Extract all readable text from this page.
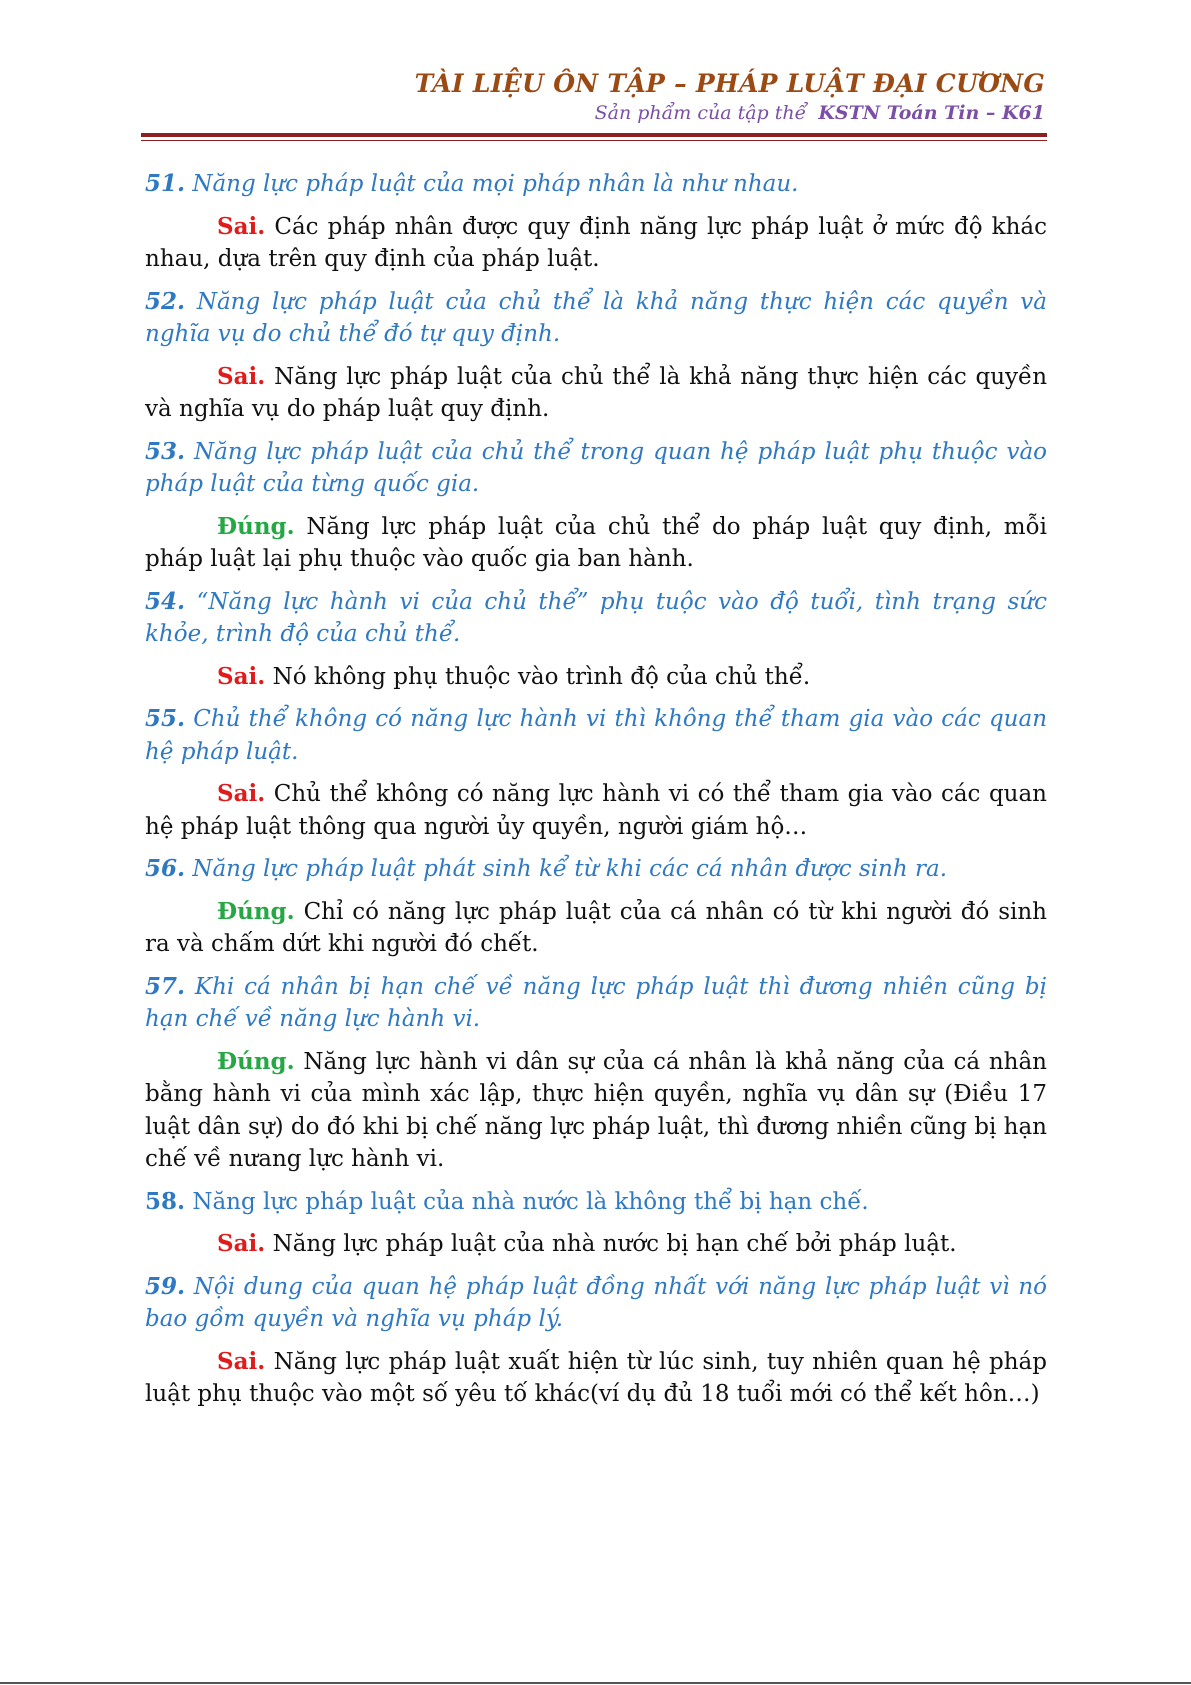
TÀI LIỆU ÔN TẬP – PHÁP LUẬT ĐẠI CƯƠNG
Sản phẩm của tập thể KSTN Toán Tin – K61

51. Năng lực pháp luật của mọi pháp nhân là như nhau.

Sai. Các pháp nhân được quy định năng lực pháp luật ở mức độ khác nhau, dựa trên quy định của pháp luật.

52. Năng lực pháp luật của chủ thể là khả năng thực hiện các quyền và nghĩa vụ do chủ thể đó tự quy định.

Sai. Năng lực pháp luật của chủ thể là khả năng thực hiện các quyền và nghĩa vụ do pháp luật quy định.

53. Năng lực pháp luật của chủ thể trong quan hệ pháp luật phụ thuộc vào pháp luật của từng quốc gia.

Đúng. Năng lực pháp luật của chủ thể do pháp luật quy định, mỗi pháp luật lại phụ thuộc vào quốc gia ban hành.

54. “Năng lực hành vi của chủ thể” phụ tuộc vào độ tuổi, tình trạng sức khỏe, trình độ của chủ thể.

Sai. Nó không phụ thuộc vào trình độ của chủ thể.

55. Chủ thể không có năng lực hành vi thì không thể tham gia vào các quan hệ pháp luật.

Sai. Chủ thể không có năng lực hành vi có thể tham gia vào các quan hệ pháp luật thông qua người ủy quyền, người giám hộ…

56. Năng lực pháp luật phát sinh kể từ khi các cá nhân được sinh ra.

Đúng. Chỉ có năng lực pháp luật của cá nhân có từ khi người đó sinh ra và chấm dứt khi người đó chết.

57. Khi cá nhân bị hạn chế về năng lực pháp luật thì đương nhiên cũng bị hạn chế về năng lực hành vi.

Đúng. Năng lực hành vi dân sự của cá nhân là khả năng của cá nhân bằng hành vi của mình xác lập, thực hiện quyền, nghĩa vụ dân sự (Điều 17 luật dân sự) do đó khi bị chế năng lực pháp luật, thì đương nhiền cũng bị hạn chế về nưang lực hành vi.

58. Năng lực pháp luật của nhà nước là không thể bị hạn chế.

Sai. Năng lực pháp luật của nhà nước bị hạn chế bởi pháp luật.

59. Nội dung của quan hệ pháp luật đồng nhất với năng lực pháp luật vì nó bao gồm quyền và nghĩa vụ pháp lý.

Sai. Năng lực pháp luật xuất hiện từ lúc sinh, tuy nhiên quan hệ pháp luật phụ thuộc vào một số yêu tố khác(ví dụ đủ 18 tuổi mới có thể kết hôn…)
